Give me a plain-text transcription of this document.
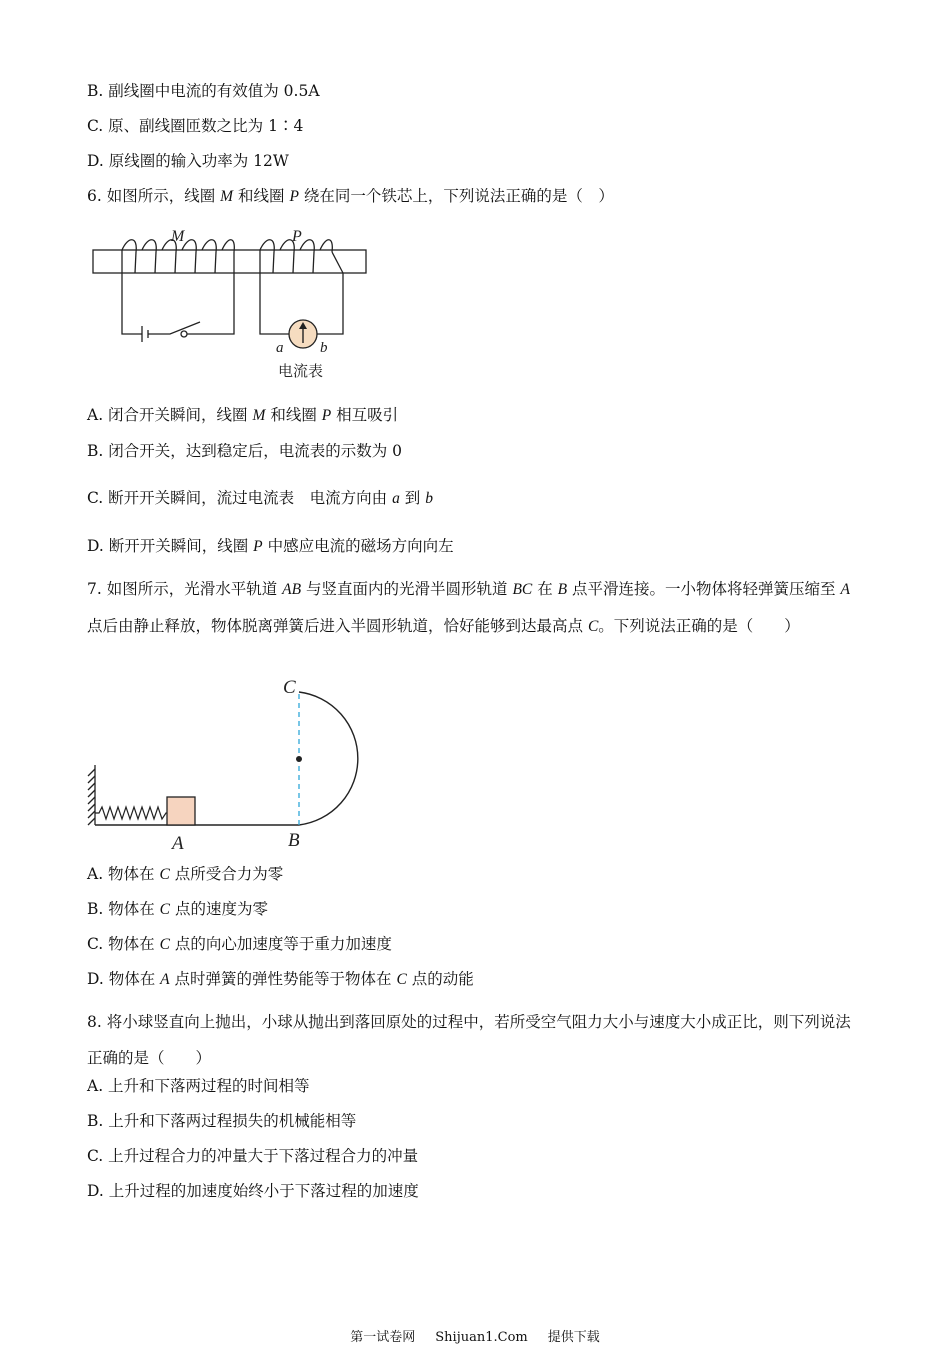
B. 副线圈中电流的有效值为 0.5A
C. 原、副线圈匝数之比为 1∶4
D. 原线圈的输入功率为 12W
6. 如图所示，线圈 M 和线圈 P 绕在同一个铁芯上，下列说法正确的是（　）
M	P
a b
电流表
A. 闭合开关瞬间，线圈 M 和线圈 P 相互吸引
B. 闭合开关，达到稳定后，电流表的示数为 0
C. 断开开关瞬间，流过电流表　电流方向由 a 到 b
D. 断开开关瞬间，线圈 P 中感应电流的磁场方向向左
7. 如图所示，光滑水平轨道 AB 与竖直面内的光滑半圆形轨道 BC 在 B 点平滑连接。一小物体将轻弹簧压缩至 A 点后由静止释放，物体脱离弹簧后进入半圆形轨道，恰好能够到达最高点 C。下列说法正确的是（　　）
A	B
C
A. 物体在 C 点所受合力为零
B. 物体在 C 点的速度为零
C. 物体在 C 点的向心加速度等于重力加速度
D. 物体在 A 点时弹簧的弹性势能等于物体在 C 点的动能
8. 将小球竖直向上抛出，小球从抛出到落回原处的过程中，若所受空气阻力大小与速度大小成正比，则下列说法正确的是（　　）
A. 上升和下落两过程的时间相等
B. 上升和下落两过程损失的机械能相等
C. 上升过程合力的冲量大于下落过程合力的冲量
D. 上升过程的加速度始终小于下落过程的加速度
第一试卷网 Shijuan1.Com 提供下载
